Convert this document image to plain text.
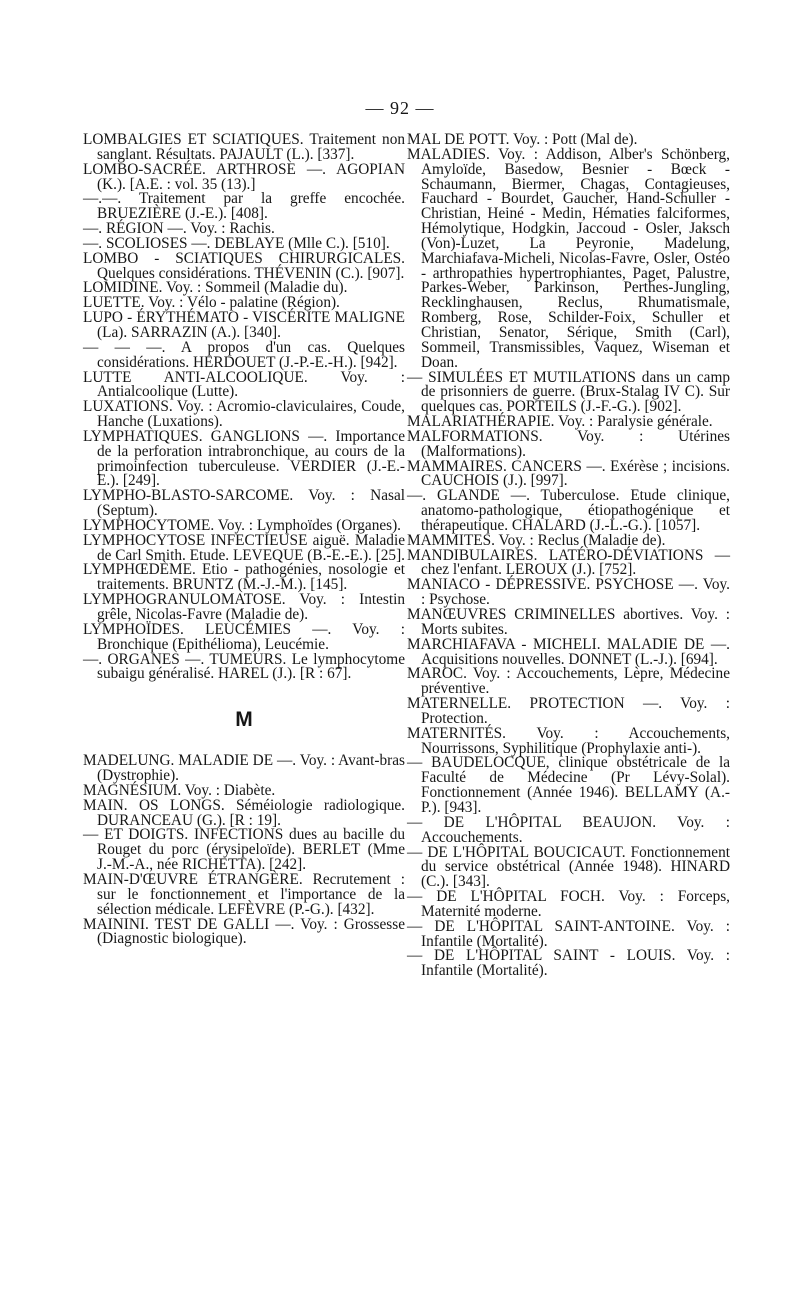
— 92 —

LOMBALGIES ET SCIATIQUES. Traitement non sanglant. Résultats. PAJAULT (L.). [337].

LOMBO-SACRÉE. ARTHROSE —. AGOPIAN (K.). [A.E. : vol. 35 (13).]

—.—. Traitement par la greffe encochée. BRUEZIÈRE (J.-E.). [408].

—. RÉGION —. Voy. : Rachis.

—. SCOLIOSES —. DEBLAYE (Mlle C.). [510].

LOMBO - SCIATIQUES CHIRURGICALES. Quelques considérations. THÉVENIN (C.). [907].

LOMIDINE. Voy. : Sommeil (Maladie du).

LUETTE. Voy. : Vélo - palatine (Région).

LUPO - ÉRYTHÉMATO - VISCÉRITE MALIGNE (La). SARRAZIN (A.). [340].

— — —. A propos d'un cas. Quelques considérations. HERDOUET (J.-P.-E.-H.). [942].

LUTTE ANTI-ALCOOLIQUE. Voy. : Antialcoolique (Lutte).

LUXATIONS. Voy. : Acromio-claviculaires, Coude, Hanche (Luxations).

LYMPHATIQUES. GANGLIONS —. Importance de la perforation intrabronchique, au cours de la primoinfection tuberculeuse. VERDIER (J.-E.-E.). [249].

LYMPHO-BLASTO-SARCOME. Voy. : Nasal (Septum).

LYMPHOCYTOME. Voy. : Lymphoïdes (Organes).

LYMPHOCYTOSE INFECTIEUSE aiguë. Maladie de Carl Smith. Etude. LEVEQUE (B.-E.-E.). [25].

LYMPHŒDÈME. Etio - pathogénies, nosologie et traitements. BRUNTZ (M.-J.-M.). [145].

LYMPHOGRANULOMATOSE. Voy. : Intestin grêle, Nicolas-Favre (Maladie de).

LYMPHOÏDES. LEUCÉMIES —. Voy. : Bronchique (Epithélioma), Leucémie.

—. ORGANES —. TUMEURS. Le lymphocytome subaigu généralisé. HAREL (J.). [R : 67].

M

MADELUNG. MALADIE DE —. Voy. : Avant-bras (Dystrophie).

MAGNÉSIUM. Voy. : Diabète.

MAIN. OS LONGS. Séméiologie radiologique. DURANCEAU (G.). [R : 19].

— ET DOIGTS. INFECTIONS dues au bacille du Rouget du porc (érysipeloïde). BERLET (Mme J.-M.-A., née RICHETTA). [242].

MAIN-D'ŒUVRE ÉTRANGÈRE. Recrutement : sur le fonctionnement et l'importance de la sélection médicale. LEFÈVRE (P.-G.). [432].

MAININI. TEST DE GALLI —. Voy. : Grossesse (Diagnostic biologique).

MAL DE POTT. Voy. : Pott (Mal de).

MALADIES. Voy. : Addison, Alber's Schönberg, Amyloïde, Basedow, Besnier - Bœck - Schaumann, Biermer, Chagas, Contagieuses, Fauchard - Bourdet, Gaucher, Hand-Schuller - Christian, Heiné - Medin, Hématies falciformes, Hémolytique, Hodgkin, Jaccoud - Osler, Jaksch (Von)-Luzet, La Peyronie, Madelung, Marchiafava-Micheli, Nicolas-Favre, Osler, Ostéo - arthropathies hypertrophiantes, Paget, Palustre, Parkes-Weber, Parkinson, Perthes-Jungling, Recklinghausen, Reclus, Rhumatismale, Romberg, Rose, Schilder-Foix, Schuller et Christian, Senator, Sérique, Smith (Carl), Sommeil, Transmissibles, Vaquez, Wiseman et Doan.

— SIMULÉES ET MUTILATIONS dans un camp de prisonniers de guerre. (Brux-Stalag IV C). Sur quelques cas. PORTEILS (J.-F.-G.). [902].

MALARIATHÉRAPIE. Voy. : Paralysie générale.

MALFORMATIONS. Voy. : Utérines (Malformations).

MAMMAIRES. CANCERS —. Exérèse ; incisions. CAUCHOIS (J.). [997].

—. GLANDE —. Tuberculose. Etude clinique, anatomo-pathologique, étiopathogénique et thérapeutique. CHALARD (J.-L.-G.). [1057].

MAMMITES. Voy. : Reclus (Maladie de).

MANDIBULAIRES. LATÉRO-DÉVIATIONS — chez l'enfant. LEROUX (J.). [752].

MANIACO - DÉPRESSIVE. PSYCHOSE —. Voy. : Psychose.

MANŒUVRES CRIMINELLES abortives. Voy. : Morts subites.

MARCHIAFAVA - MICHELI. MALADIE DE —. Acquisitions nouvelles. DONNET (L.-J.). [694].

MAROC. Voy. : Accouchements, Lèpre, Médecine préventive.

MATERNELLE. PROTECTION —. Voy. : Protection.

MATERNITÉS. Voy. : Accouchements, Nourrissons, Syphilitique (Prophylaxie anti-).

— BAUDELOCQUE, clinique obstétricale de la Faculté de Médecine (Pr Lévy-Solal). Fonctionnement (Année 1946). BELLAMY (A.-P.). [943].

— DE L'HÔPITAL BEAUJON. Voy. : Accouchements.

— DE L'HÔPITAL BOUCICAUT. Fonctionnement du service obstétrical (Année 1948). HINARD (C.). [343].

— DE L'HÔPITAL FOCH. Voy. : Forceps, Maternité moderne.

— DE L'HÔPITAL SAINT-ANTOINE. Voy. : Infantile (Mortalité).

— DE L'HÔPITAL SAINT - LOUIS. Voy. : Infantile (Mortalité).
